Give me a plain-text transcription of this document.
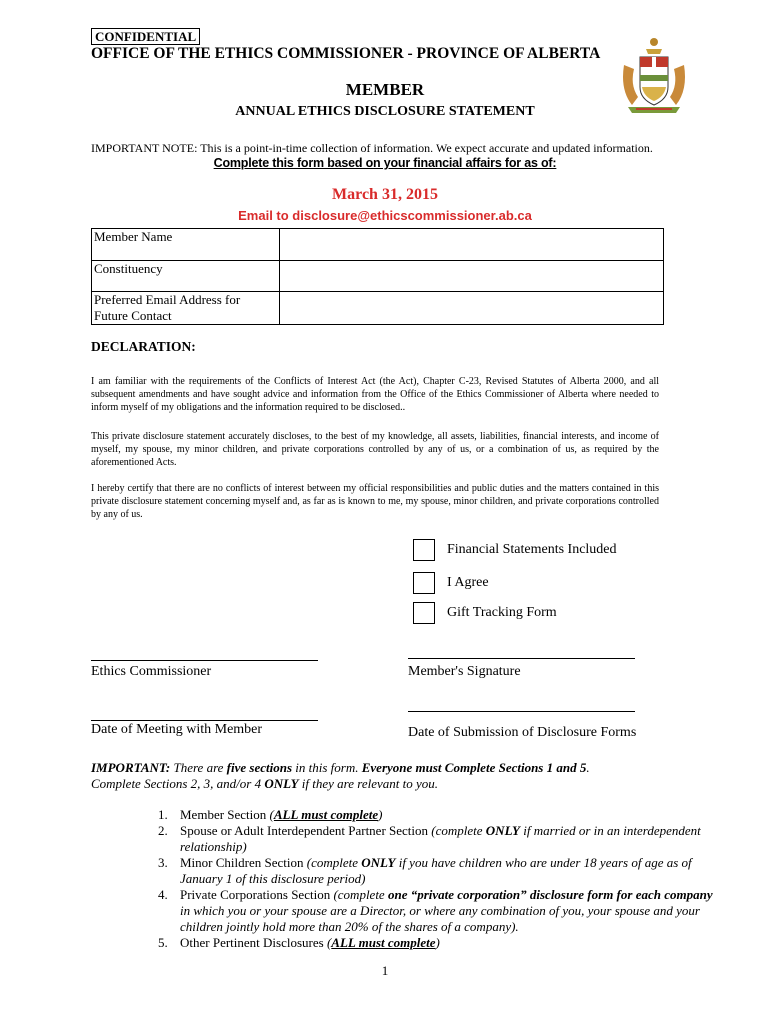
CONFIDENTIAL
OFFICE OF THE ETHICS COMMISSIONER - PROVINCE OF ALBERTA
MEMBER
ANNUAL ETHICS DISCLOSURE STATEMENT
IMPORTANT NOTE: This is a point-in-time collection of information. We expect accurate and updated information.
Complete this form based on your financial affairs for as of:
March 31, 2015
Email to disclosure@ethicscommissioner.ab.ca
Member Name	
Constituency	
Preferred Email Address for Future Contact	
DECLARATION:
I am familiar with the requirements of the Conflicts of Interest Act (the Act), Chapter C-23, Revised Statutes of Alberta 2000, and all subsequent amendments and have sought advice and information from the Office of the Ethics Commissioner of Alberta where needed to inform myself of my obligations and the information required to be disclosed..
This private disclosure statement accurately discloses, to the best of my knowledge, all assets, liabilities, financial interests, and income of myself, my spouse, my minor children, and private corporations controlled by any of us, or a combination of us, as required by the aforementioned Acts.
I hereby certify that there are no conflicts of interest between my official responsibilities and public duties and the matters contained in this private disclosure statement concerning myself and, as far as is known to me, my spouse, minor children, and private corporations controlled by any of us.
Financial Statements Included
I Agree
Gift Tracking Form
Ethics Commissioner	Member's Signature
Date of Meeting with Member	Date of Submission of Disclosure Forms
IMPORTANT: There are five sections in this form. Everyone must Complete Sections 1 and 5.
Complete Sections 2, 3, and/or 4 ONLY if they are relevant to you.
1. Member Section (ALL must complete)
2. Spouse or Adult Interdependent Partner Section (complete ONLY if married or in an interdependent relationship)
3. Minor Children Section (complete ONLY if you have children who are under 18 years of age as of January 1 of this disclosure period)
4. Private Corporations Section (complete one “private corporation” disclosure form for each company in which you or your spouse are a Director, or where any combination of you, your spouse and your children jointly hold more than 20% of the shares of a company).
5. Other Pertinent Disclosures (ALL must complete)
1
